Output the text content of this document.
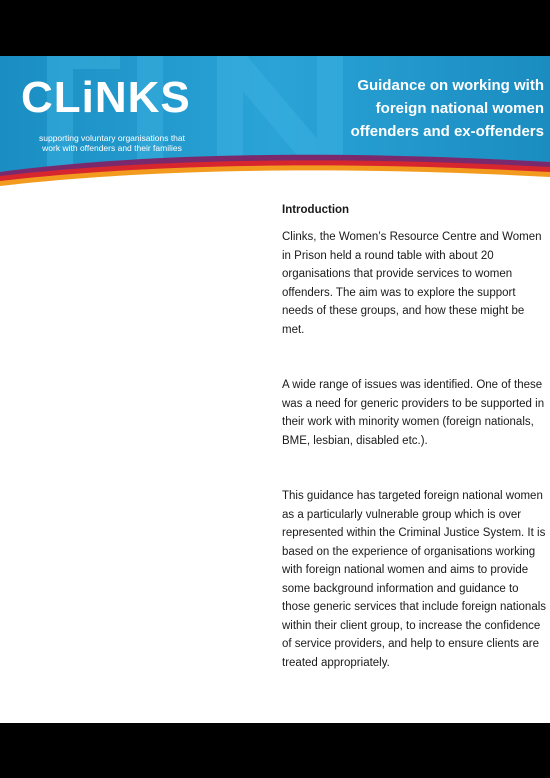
CLiNKS
supporting voluntary organisations that work with offenders and their families
Guidance on working with
foreign national women
offenders and ex-offenders
Introduction

Clinks, the Women’s Resource Centre and Women in Prison held a round table with about 20 organisations that provide services to women offenders. The aim was to explore the support needs of these groups, and how these might be met.

A wide range of issues was identified. One of these was a need for generic providers to be supported in their work with minority women (foreign nationals, BME, lesbian, disabled etc.).

This guidance has targeted foreign national women as a particularly vulnerable group which is over represented within the Criminal Justice System. It is based on the experience of organisations working with foreign national women and aims to provide some background information and guidance to those generic services that include foreign nationals within their client group, to increase the confidence of service providers, and help to ensure clients are treated appropriately.
